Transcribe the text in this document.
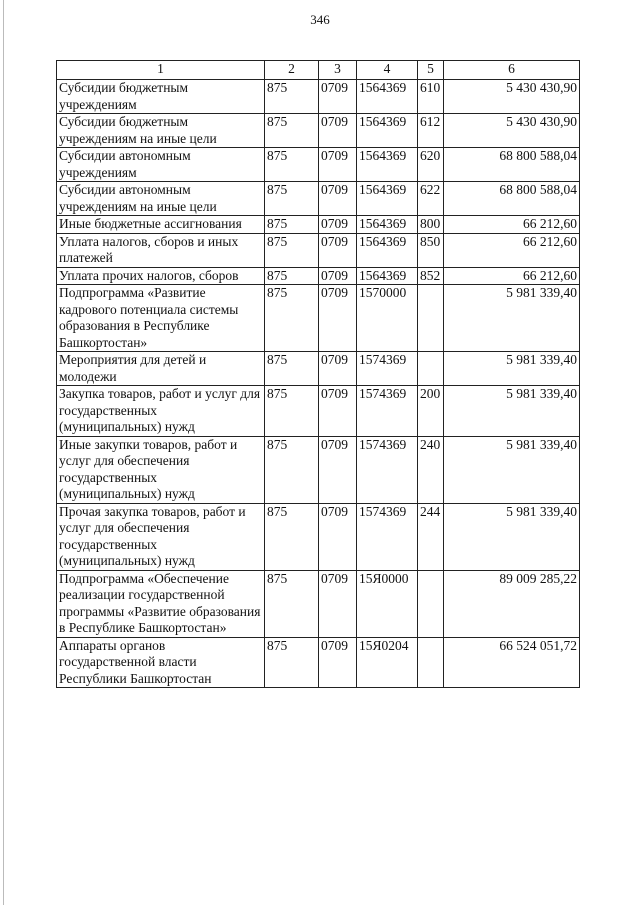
346
1	2	3	4	5	6
Субсидии бюджетным учреждениям	875	0709	1564369	610	5 430 430,90
Субсидии бюджетным учреждениям на иные цели	875	0709	1564369	612	5 430 430,90
Субсидии автономным учреждениям	875	0709	1564369	620	68 800 588,04
Субсидии автономным учреждениям на иные цели	875	0709	1564369	622	68 800 588,04
Иные бюджетные ассигнования	875	0709	1564369	800	66 212,60
Уплата налогов, сборов и иных платежей	875	0709	1564369	850	66 212,60
Уплата прочих налогов, сборов	875	0709	1564369	852	66 212,60
Подпрограмма «Развитие кадрового потенциала системы образования в Республике Башкортостан»	875	0709	1570000		5 981 339,40
Мероприятия для детей и молодежи	875	0709	1574369		5 981 339,40
Закупка товаров, работ и услуг для государственных (муниципальных) нужд	875	0709	1574369	200	5 981 339,40
Иные закупки товаров, работ и услуг для обеспечения государственных (муниципальных) нужд	875	0709	1574369	240	5 981 339,40
Прочая закупка товаров, работ и услуг для обеспечения государственных (муниципальных) нужд	875	0709	1574369	244	5 981 339,40
Подпрограмма «Обеспечение реализации государственной программы «Развитие образования в Республике Башкортостан»	875	0709	15Я0000		89 009 285,22
Аппараты органов государственной власти Республики Башкортостан	875	0709	15Я0204		66 524 051,72
